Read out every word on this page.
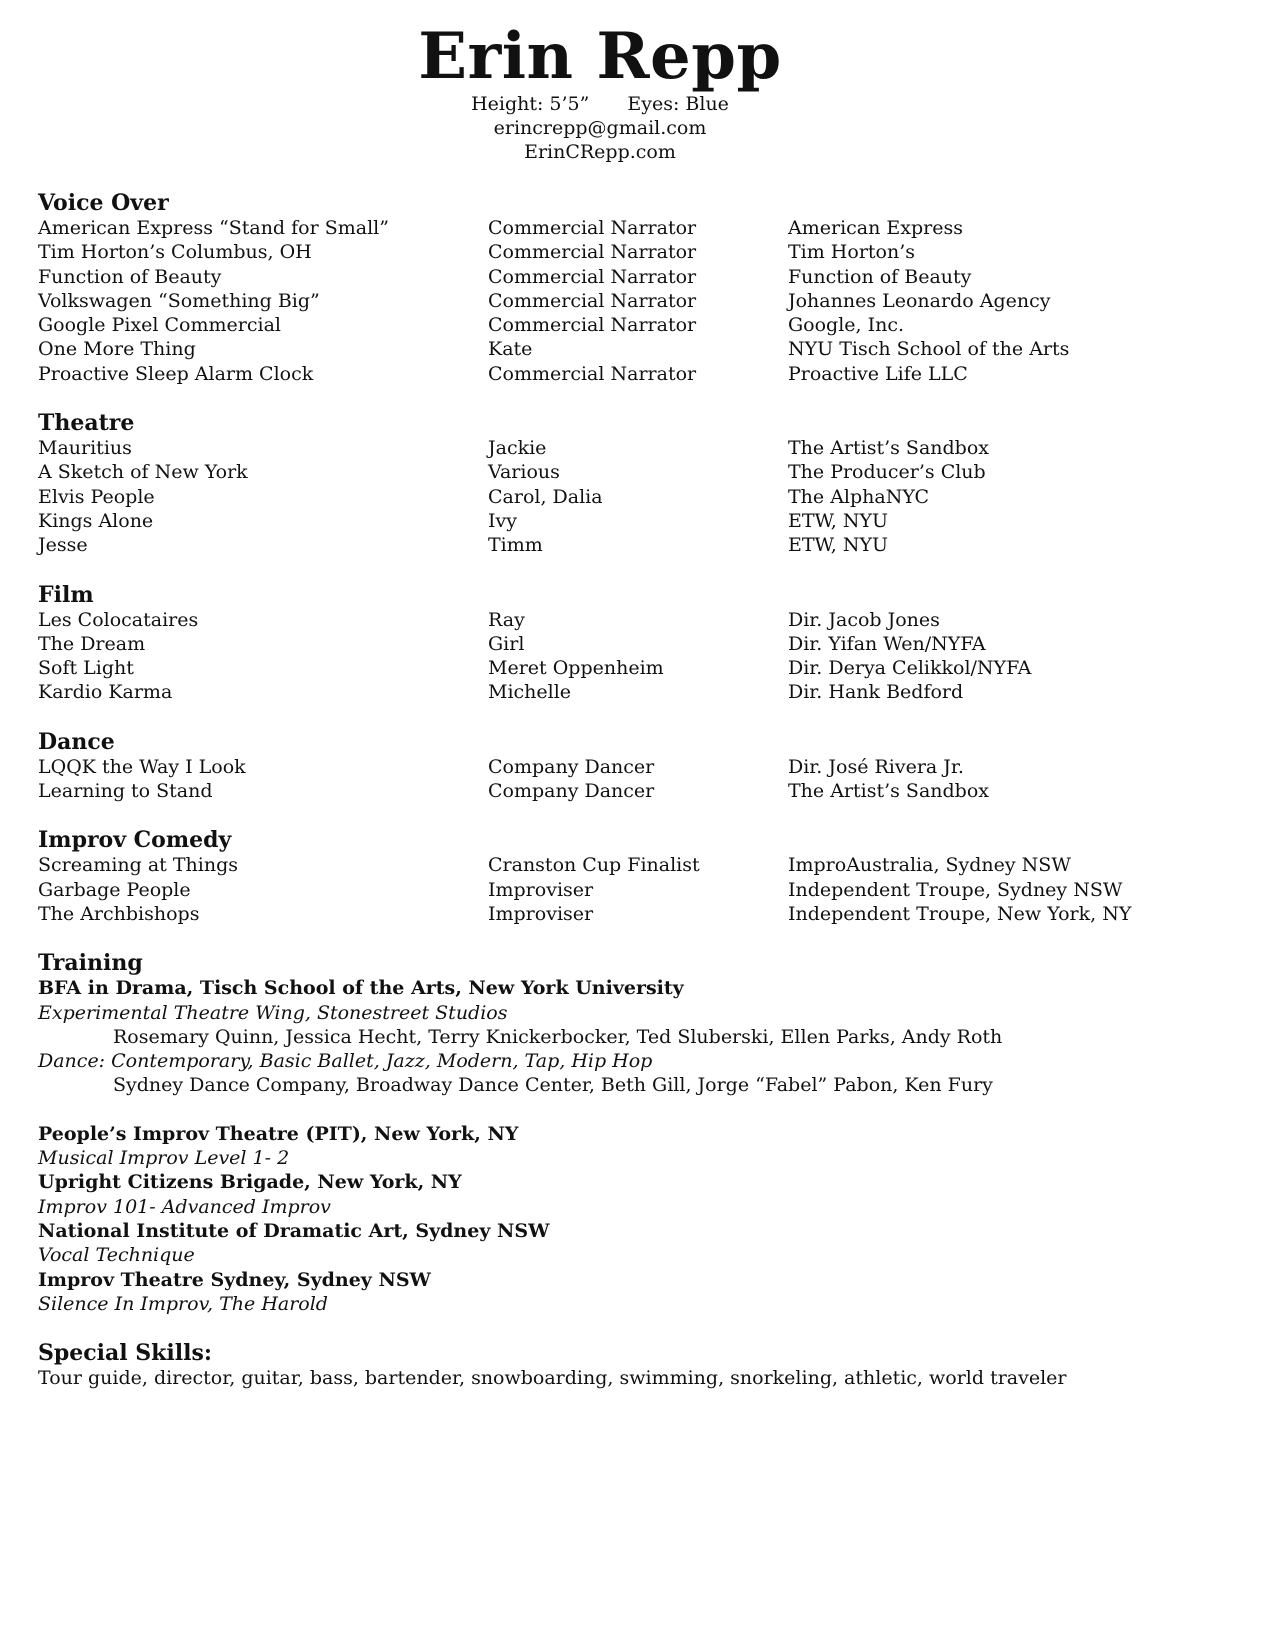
Erin Repp
Height: 5’5” Eyes: Blue
erincrepp@gmail.com
ErinCRepp.com
Voice Over
American Express “Stand for Small”	Commercial Narrator	American Express
Tim Horton’s Columbus, OH	Commercial Narrator	Tim Horton’s
Function of Beauty	Commercial Narrator	Function of Beauty
Volkswagen “Something Big”	Commercial Narrator	Johannes Leonardo Agency
Google Pixel Commercial	Commercial Narrator	Google, Inc.
One More Thing	Kate	NYU Tisch School of the Arts
Proactive Sleep Alarm Clock	Commercial Narrator	Proactive Life LLC
Theatre
Mauritius	Jackie	The Artist’s Sandbox
A Sketch of New York	Various	The Producer’s Club
Elvis People	Carol, Dalia	The AlphaNYC
Kings Alone	Ivy	ETW, NYU
Jesse	Timm	ETW, NYU
Film
Les Colocataires	Ray	Dir. Jacob Jones
The Dream	Girl	Dir. Yifan Wen/NYFA
Soft Light	Meret Oppenheim	Dir. Derya Celikkol/NYFA
Kardio Karma	Michelle	Dir. Hank Bedford
Dance
LQQK the Way I Look	Company Dancer	Dir. José Rivera Jr.
Learning to Stand	Company Dancer	The Artist’s Sandbox
Improv Comedy
Screaming at Things	Cranston Cup Finalist	ImproAustralia, Sydney NSW
Garbage People	Improviser	Independent Troupe, Sydney NSW
The Archbishops	Improviser	Independent Troupe, New York, NY
Training
BFA in Drama, Tisch School of the Arts, New York University
Experimental Theatre Wing, Stonestreet Studios
Rosemary Quinn, Jessica Hecht, Terry Knickerbocker, Ted Sluberski, Ellen Parks, Andy Roth
Dance: Contemporary, Basic Ballet, Jazz, Modern, Tap, Hip Hop
Sydney Dance Company, Broadway Dance Center, Beth Gill, Jorge “Fabel” Pabon, Ken Fury
People’s Improv Theatre (PIT), New York, NY
Musical Improv Level 1- 2
Upright Citizens Brigade, New York, NY
Improv 101- Advanced Improv
National Institute of Dramatic Art, Sydney NSW
Vocal Technique
Improv Theatre Sydney, Sydney NSW
Silence In Improv, The Harold
Special Skills:
Tour guide, director, guitar, bass, bartender, snowboarding, swimming, snorkeling, athletic, world traveler
